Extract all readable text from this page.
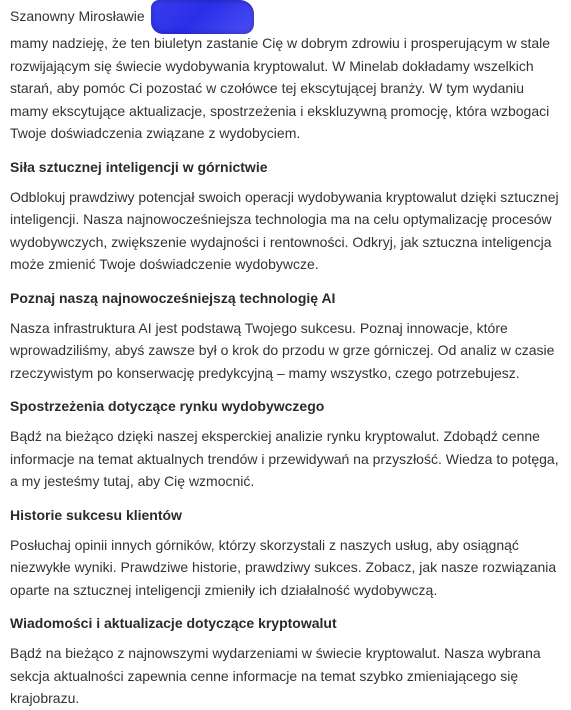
Szanowny Mirosławie

mamy nadzieję, że ten biuletyn zastanie Cię w dobrym zdrowiu i prosperującym w stale rozwijającym się świecie wydobywania kryptowalut. W Minelab dokładamy wszelkich starań, aby pomóc Ci pozostać w czołówce tej ekscytującej branży. W tym wydaniu mamy ekscytujące aktualizacje, spostrzeżenia i ekskluzywną promocję, która wzbogaci Twoje doświadczenia związane z wydobyciem.

Siła sztucznej inteligencji w górnictwie

Odblokuj prawdziwy potencjał swoich operacji wydobywania kryptowalut dzięki sztucznej inteligencji. Nasza najnowocześniejsza technologia ma na celu optymalizację procesów wydobywczych, zwiększenie wydajności i rentowności. Odkryj, jak sztuczna inteligencja może zmienić Twoje doświadczenie wydobywcze.

Poznaj naszą najnowocześniejszą technologię AI

Nasza infrastruktura AI jest podstawą Twojego sukcesu. Poznaj innowacje, które wprowadziliśmy, abyś zawsze był o krok do przodu w grze górniczej. Od analiz w czasie rzeczywistym po konserwację predykcyjną – mamy wszystko, czego potrzebujesz.

Spostrzeżenia dotyczące rynku wydobywczego

Bądź na bieżąco dzięki naszej eksperckiej analizie rynku kryptowalut. Zdobądź cenne informacje na temat aktualnych trendów i przewidywań na przyszłość. Wiedza to potęga, a my jesteśmy tutaj, aby Cię wzmocnić.

Historie sukcesu klientów

Posłuchaj opinii innych górników, którzy skorzystali z naszych usług, aby osiągnąć niezwykłe wyniki. Prawdziwe historie, prawdziwy sukces. Zobacz, jak nasze rozwiązania oparte na sztucznej inteligencji zmieniły ich działalność wydobywczą.

Wiadomości i aktualizacje dotyczące kryptowalut

Bądź na bieżąco z najnowszymi wydarzeniami w świecie kryptowalut. Nasza wybrana sekcja aktualności zapewnia cenne informacje na temat szybko zmieniającego się krajobrazu.
